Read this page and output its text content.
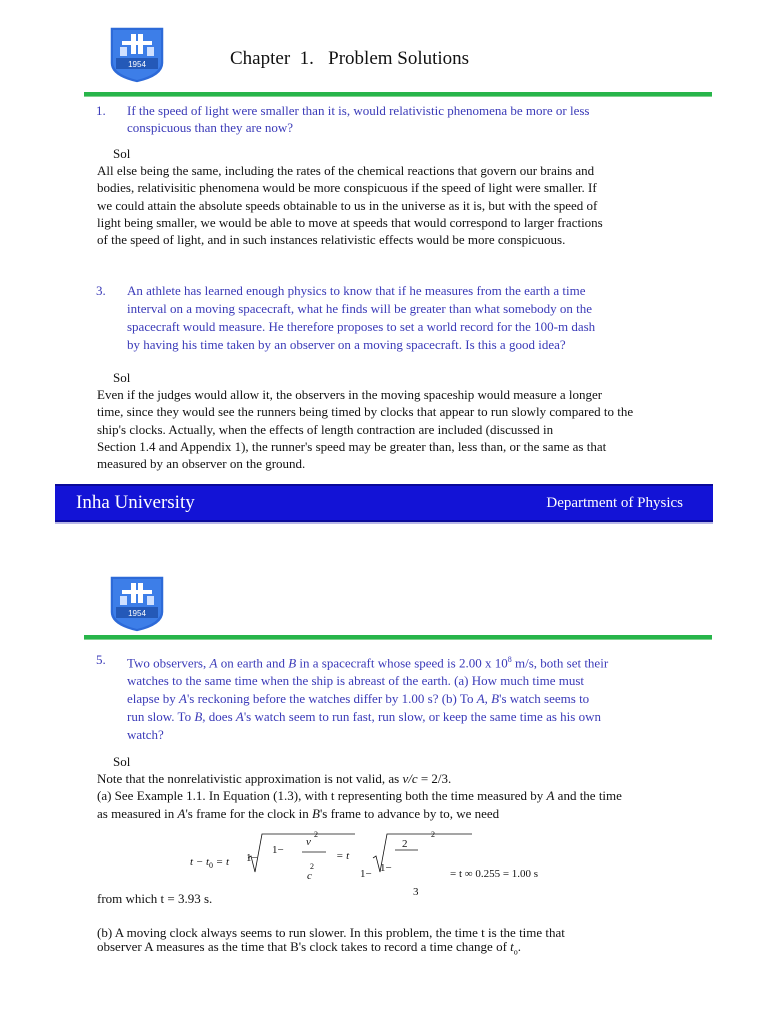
1954	Chapter  1.   Problem Solutions
1. If the speed of light were smaller than it is, would relativistic phenomena be more or less
conspicuous than they are now?
Sol
All else being the same, including the rates of the chemical reactions that govern our brains and
bodies, relativisitic phenomena would be more conspicuous if the speed of light were smaller. If
we could attain the absolute speeds obtainable to us in the universe as it is, but with the speed of
light being smaller, we would be able to move at speeds that would correspond to larger fractions
of the speed of light, and in such instances relativistic effects would be more conspicuous.
3. An athlete has learned enough physics to know that if he measures from the earth a time
interval on a moving spacecraft, what he finds will be greater than what somebody on the
spacecraft would measure. He therefore proposes to set a world record for the 100-m dash
by having his time taken by an observer on a moving spacecraft. Is this a good idea?
Sol
Even if the judges would allow it, the observers in the moving spaceship would measure a longer
time, since they would see the runners being timed by clocks that appear to run slowly compared to the
ship's clocks. Actually, when the effects of length contraction are included (discussed in
Section 1.4 and Appendix 1), the runner's speed may be greater than, less than, or the same as that
measured by an observer on the ground.
Inha University	Department of Physics
1954
5. Two observers, A on earth and B in a spacecraft whose speed is 2.00 x $10^8$ m/s, both set their
watches to the same time when the ship is abreast of the earth. (a) How much time must
elapse by A's reckoning before the watches differ by 1.00 s? (b) To A, B's watch seems to
run slow. To B, does A's watch seem to run fast, run slow, or keep the same time as his own
watch?
Sol
Note that the nonrelativistic approximation is not valid, as v/c = 2/3.
(a) See Example 1.1. In Equation (1.3), with t representing both the time measured by A and the time
as measured in A's frame for the clock in B's frame to advance by to, we need
$t - t_0 = t$ 1−
1−
v
2
c
2
= t
1− 1−
2
2
3
= t ∞ 0.255 = 1.00 s
from which t = 3.93 s.
(b) A moving clock always seems to run slower. In this problem, the time t is the time that
observer A measures as the time that B's clock takes to record a time change of $t_o$.
